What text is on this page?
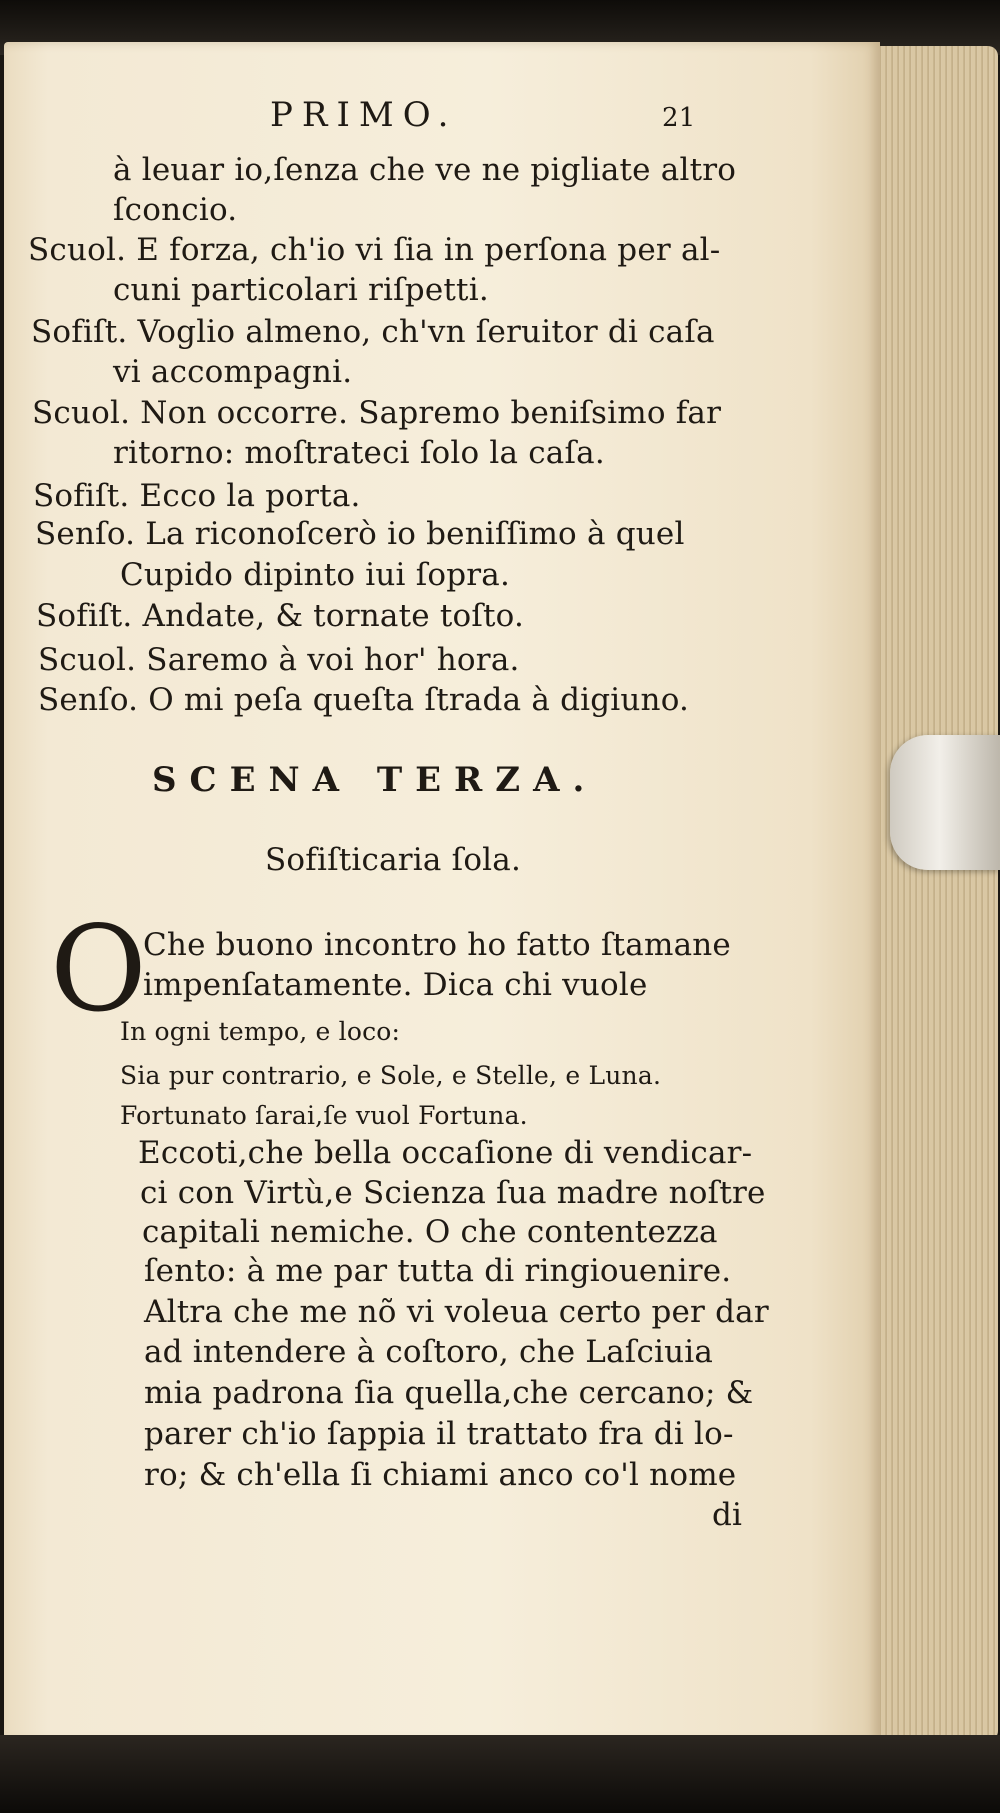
PRIMO.	21
à leuar io,ſenza che ve ne pigliate altro
ſconcio.
Scuol. E forza, ch'io vi ſia in perſona per al-
cuni particolari riſpetti.
Sofiſt. Voglio almeno, ch'vn ſeruitor di caſa
vi accompagni.
Scuol. Non occorre. Sapremo beniſsimo far
ritorno: moſtrateci ſolo la caſa.
Sofiſt. Ecco la porta.
Senſo. La riconoſcerò io beniſſimo à quel
Cupido dipinto iui ſopra.
Sofiſt. Andate, & tornate toſto.
Scuol. Saremo à voi hor' hora.
Senſo. O mi peſa queſta ſtrada à digiuno.
SCENA TERZA.
Sofiſticaria ſola.
O
Che buono incontro ho fatto ſtamane
impenſatamente. Dica chi vuole
In ogni tempo, e loco:
Sia pur contrario, e Sole, e Stelle, e Luna.
Fortunato ſarai,ſe vuol Fortuna.
Eccoti,che bella occaſione di vendicar-
ci con Virtù,e Scienza ſua madre noſtre
capitali nemiche. O che contentezza
ſento: à me par tutta di ringiouenire.
Altra che me nõ vi voleua certo per dar
ad intendere à coſtoro, che Laſciuia
mia padrona ſia quella,che cercano; &
parer ch'io ſappia il trattato fra di lo-
ro; & ch'ella ſi chiami anco co'l nome
di
